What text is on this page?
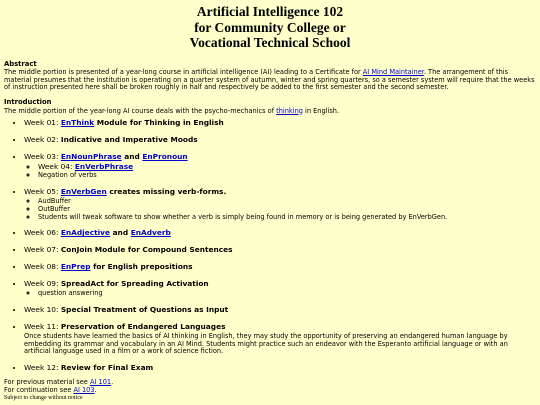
Artificial Intelligence 102
for Community College or
Vocational Technical School
Abstract

The middle portion is presented of a year-long course in artificial intelligence (AI) leading to a Certificate for AI Mind Maintainer. The arrangement of this material presumes that the institution is operating on a quarter system of autumn, winter and spring quarters, so a semester system will require that the weeks of instruction presented here shall be broken roughly in half and respectively be added to the first semester and the second semester.

Introduction

The middle portion of the year-long AI course deals with the psycho-mechanics of thinking in English.

• Week 01: EnThink Module for Thinking in English
• Week 02: Indicative and Imperative Moods
• Week 03: EnNounPhrase and EnPronoun
◦ Week 04: EnVerbPhrase
◦ Negation of verbs
• Week 05: EnVerbGen creates missing verb-forms.
◦ AudBuffer
◦ OutBuffer
◦ Students will tweak software to show whether a verb is simply being found in memory or is being generated by EnVerbGen.
• Week 06: EnAdjective and EnAdverb
• Week 07: ConJoin Module for Compound Sentences
• Week 08: EnPrep for English prepositions
• Week 09: SpreadAct for Spreading Activation
◦ question answering
• Week 10: Special Treatment of Questions as Input
• Week 11: Preservation of Endangered Languages
Once students have learned the basics of AI thinking in English, they may study the opportunity of preserving an endangered human language by embedding its grammar and vocabulary in an AI Mind. Students might practice such an endeavor with the Esperanto artificial language or with an artificial language used in a film or a work of science fiction.
• Week 12: Review for Final Exam

For previous material see AI 101.

For continuation see AI 103.

Subject to change without notice
